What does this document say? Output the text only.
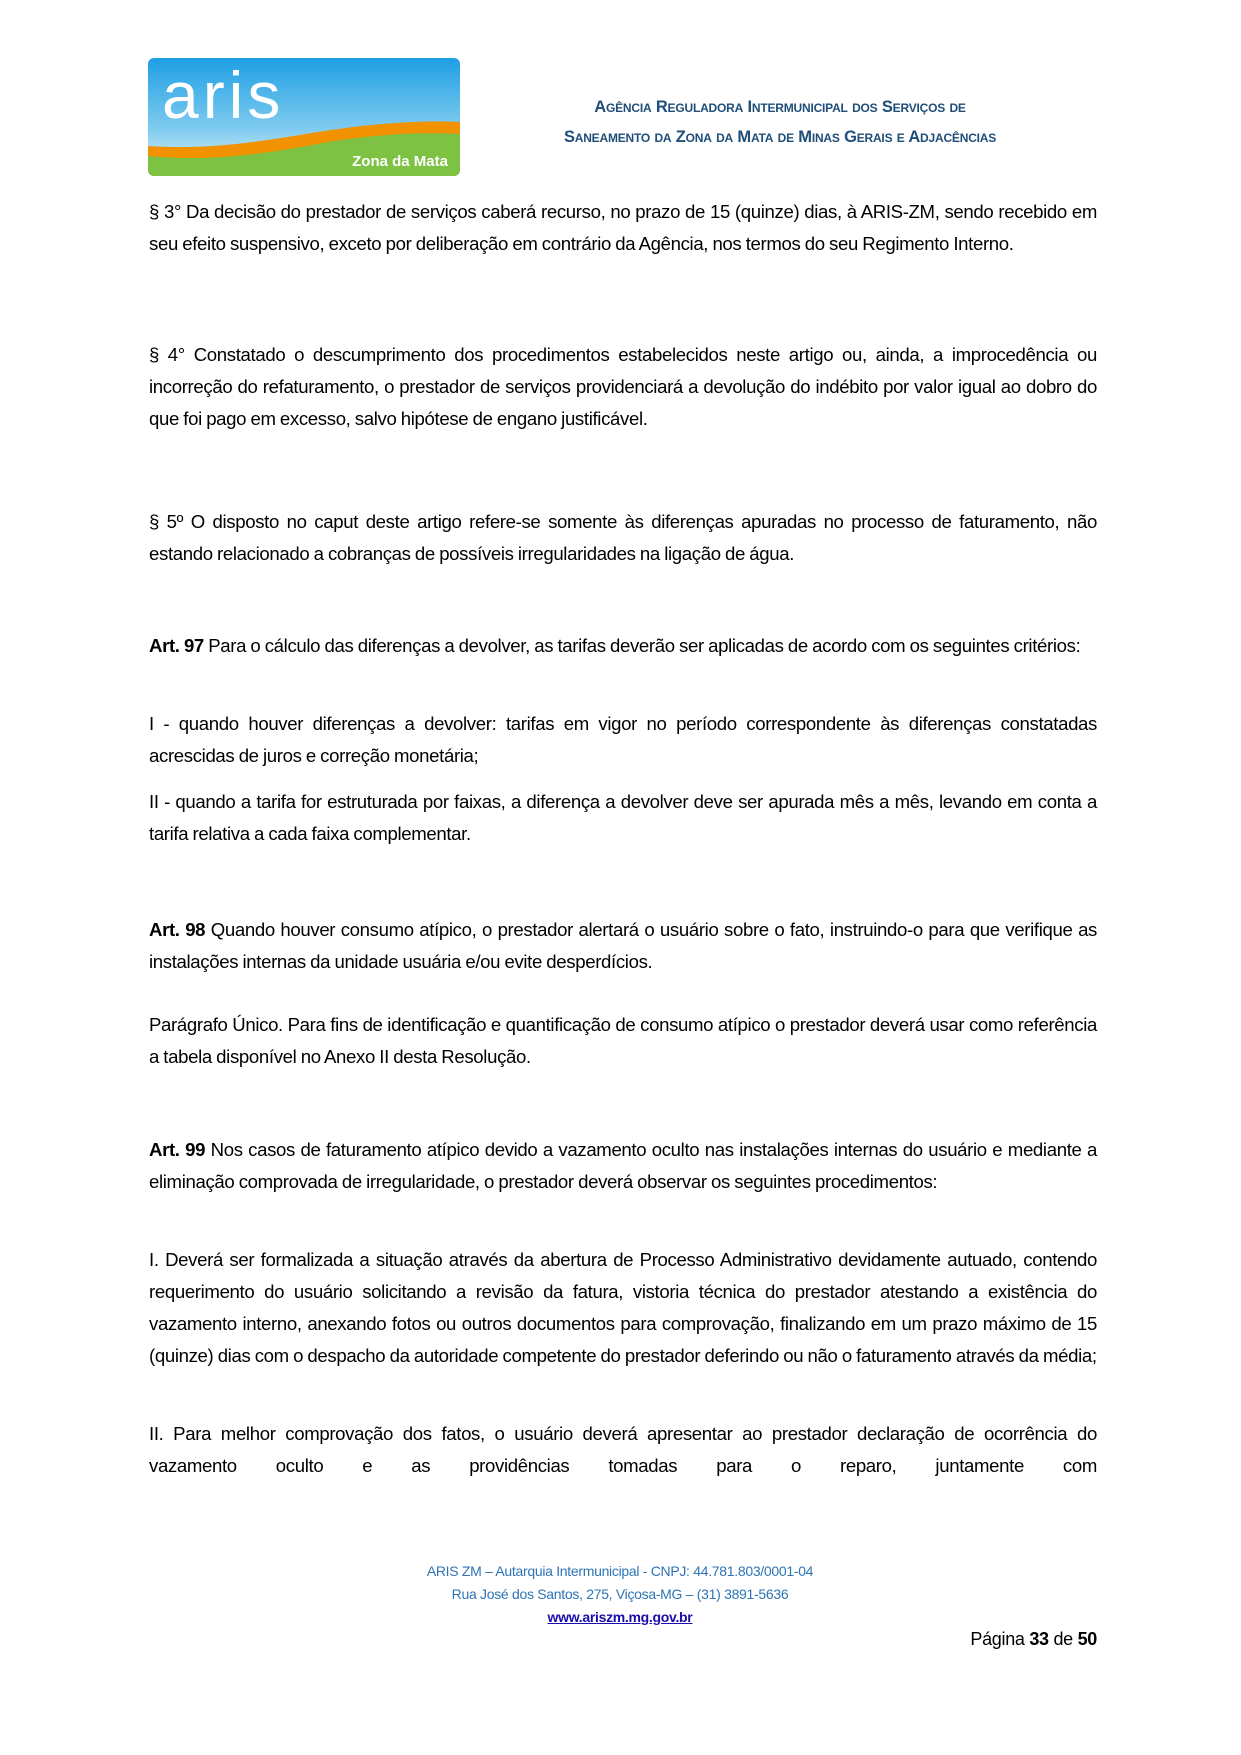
aris
Zona da Mata
Agência Reguladora Intermunicipal dos Serviços de
Saneamento da Zona da Mata de Minas Gerais e Adjacências

§ 3° Da decisão do prestador de serviços caberá recurso, no prazo de 15 (quinze) dias, à ARIS-ZM, sendo recebido em seu efeito suspensivo, exceto por deliberação em contrário da Agência, nos termos do seu Regimento Interno.

§ 4° Constatado o descumprimento dos procedimentos estabelecidos neste artigo ou, ainda, a improcedência ou incorreção do refaturamento, o prestador de serviços providenciará a devolução do indébito por valor igual ao dobro do que foi pago em excesso, salvo hipótese de engano justificável.

§ 5º O disposto no caput deste artigo refere-se somente às diferenças apuradas no processo de faturamento, não estando relacionado a cobranças de possíveis irregularidades na ligação de água.

Art. 97 Para o cálculo das diferenças a devolver, as tarifas deverão ser aplicadas de acordo com os seguintes critérios:

I - quando houver diferenças a devolver: tarifas em vigor no período correspondente às diferenças constatadas acrescidas de juros e correção monetária;

II - quando a tarifa for estruturada por faixas, a diferença a devolver deve ser apurada mês a mês, levando em conta a tarifa relativa a cada faixa complementar.

Art. 98 Quando houver consumo atípico, o prestador alertará o usuário sobre o fato, instruindo-o para que verifique as instalações internas da unidade usuária e/ou evite desperdícios.

Parágrafo Único. Para fins de identificação e quantificação de consumo atípico o prestador deverá usar como referência a tabela disponível no Anexo II desta Resolução.

Art. 99 Nos casos de faturamento atípico devido a vazamento oculto nas instalações internas do usuário e mediante a eliminação comprovada de irregularidade, o prestador deverá observar os seguintes procedimentos:

I. Deverá ser formalizada a situação através da abertura de Processo Administrativo devidamente autuado, contendo requerimento do usuário solicitando a revisão da fatura, vistoria técnica do prestador atestando a existência do vazamento interno, anexando fotos ou outros documentos para comprovação, finalizando em um prazo máximo de 15 (quinze) dias com o despacho da autoridade competente do prestador deferindo ou não o faturamento através da média;

II. Para melhor comprovação dos fatos, o usuário deverá apresentar ao prestador declaração de ocorrência do vazamento oculto e as providências tomadas para o reparo, juntamente com

ARIS ZM – Autarquia Intermunicipal - CNPJ: 44.781.803/0001-04
Rua José dos Santos, 275, Viçosa-MG – (31) 3891-5636
www.ariszm.mg.gov.br
Página 33 de 50
